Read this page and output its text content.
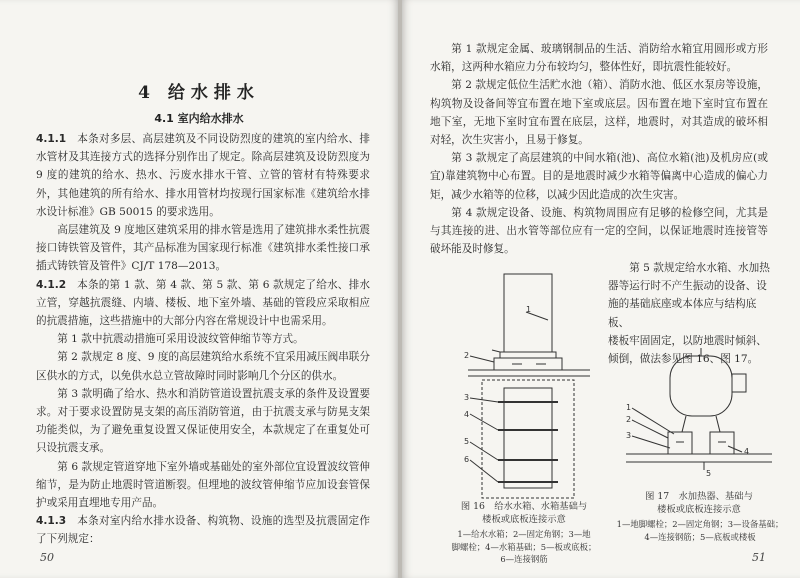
4 给水排水
4.1 室内给水排水

4.1.1　 本条对多层、高层建筑及不同设防烈度的建筑的室内给水、排水管材及其连接方式的选择分别作出了规定。除高层建筑及设防烈度为 9 度的建筑的给水、热水、污废水排水干管、立管的管材有特殊要求外，其他建筑的所有给水、排水用管材均按现行国家标准《建筑给水排水设计标准》GB 50015 的要求选用。

高层建筑及 9 度地区建筑采用的排水管是选用了建筑排水柔性抗震接口铸铁管及管件，其产品标准为国家现行标准《建筑排水柔性接口承插式铸铁管及管件》CJ/T 178—2013。

4.1.2　 本条的第 1 款、第 4 款、第 5 款、第 6 款规定了给水、排水立管，穿越抗震缝、内墙、楼板、地下室外墙、基础的管段应采取相应的抗震措施，这些措施中的大部分内容在常规设计中也需采用。

第 1 款中抗震动措施可采用设波纹管伸缩节等方式。

第 2 款规定 8 度、9 度的高层建筑给水系统不宜采用减压阀串联分区供水的方式，以免供水总立管故障时同时影响几个分区的供水。

第 3 款明确了给水、热水和消防管道设置抗震支承的条件及设置要求。对于要求设置防晃支架的高压消防管道，由于抗震支承与防晃支架功能类似，为了避免重复设置又保证使用安全，本款规定了在重复处可只设抗震支承。

第 6 款规定管道穿地下室外墙或基础处的室外部位宜设置波纹管伸缩节，是为防止地震时管道断裂。但埋地的波纹管伸缩节应加设套管保护或采用直埋地专用产品。

4.1.3　 本条对室内给水排水设备、构筑物、设施的选型及抗震固定作了下列规定：

50

第 1 款规定金属、玻璃钢制品的生活、消防给水箱宜用圆形或方形水箱，这两种水箱应力分布较均匀，整体性好，即抗震性能较好。

第 2 款规定低位生活贮水池（箱）、消防水池、低区水泵房等设施，构筑物及设备间等宜布置在地下室或底层。因布置在地下室时宜布置在地下室，无地下室时宜布置在底层，这样，地震时，对其造成的破坏相对轻，次生灾害小，且易于修复。

第 3 款规定了高层建筑的中间水箱(池)、高位水箱(池)及机房应(或宜)靠建筑物中心布置。目的是地震时减少水箱等偏离中心造成的偏心力矩，减少水箱等的位移，以减少因此造成的次生灾害。

第 4 款规定设备、设施、构筑物周围应有足够的检修空间，尤其是与其连接的进、出水管等部位应有一定的空间，以保证地震时连接管等破坏能及时修复。

第 5 款规定给水水箱、水加热
器等运行时不产生振动的设备、设
施的基础底座或本体应与结构底板、
楼板牢固固定，以防地震时倾斜、
倾倒，做法参见图 16、图 17。
1
2
3
4
5
6
1
2
3
4
5
图 16　给水水箱、水箱基础与
楼板或底板连接示意
1—给水水箱；2—固定角钢；3—地
脚螺栓；4—水箱基础；5—板或底板；
6—连接钢筋
图 17　水加热器、基础与
楼板或底板连接示意
1—地脚螺栓；2—固定角钢；3—设备基础；
4—连接钢筋；5—底板或楼板
51
